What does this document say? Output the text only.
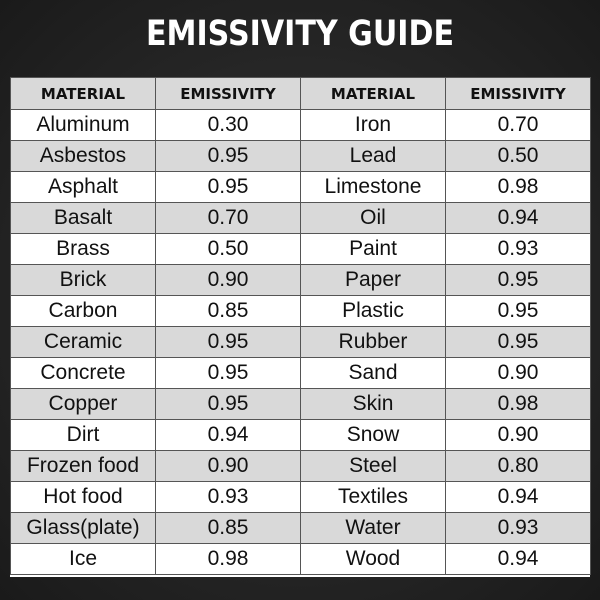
EMISSIVITY GUIDE
MATERIAL	EMISSIVITY	MATERIAL	EMISSIVITY
Aluminum	0.30	Iron	0.70
Asbestos	0.95	Lead	0.50
Asphalt	0.95	Limestone	0.98
Basalt	0.70	Oil	0.94
Brass	0.50	Paint	0.93
Brick	0.90	Paper	0.95
Carbon	0.85	Plastic	0.95
Ceramic	0.95	Rubber	0.95
Concrete	0.95	Sand	0.90
Copper	0.95	Skin	0.98
Dirt	0.94	Snow	0.90
Frozen food	0.90	Steel	0.80
Hot food	0.93	Textiles	0.94
Glass(plate)	0.85	Water	0.93
Ice	0.98	Wood	0.94
